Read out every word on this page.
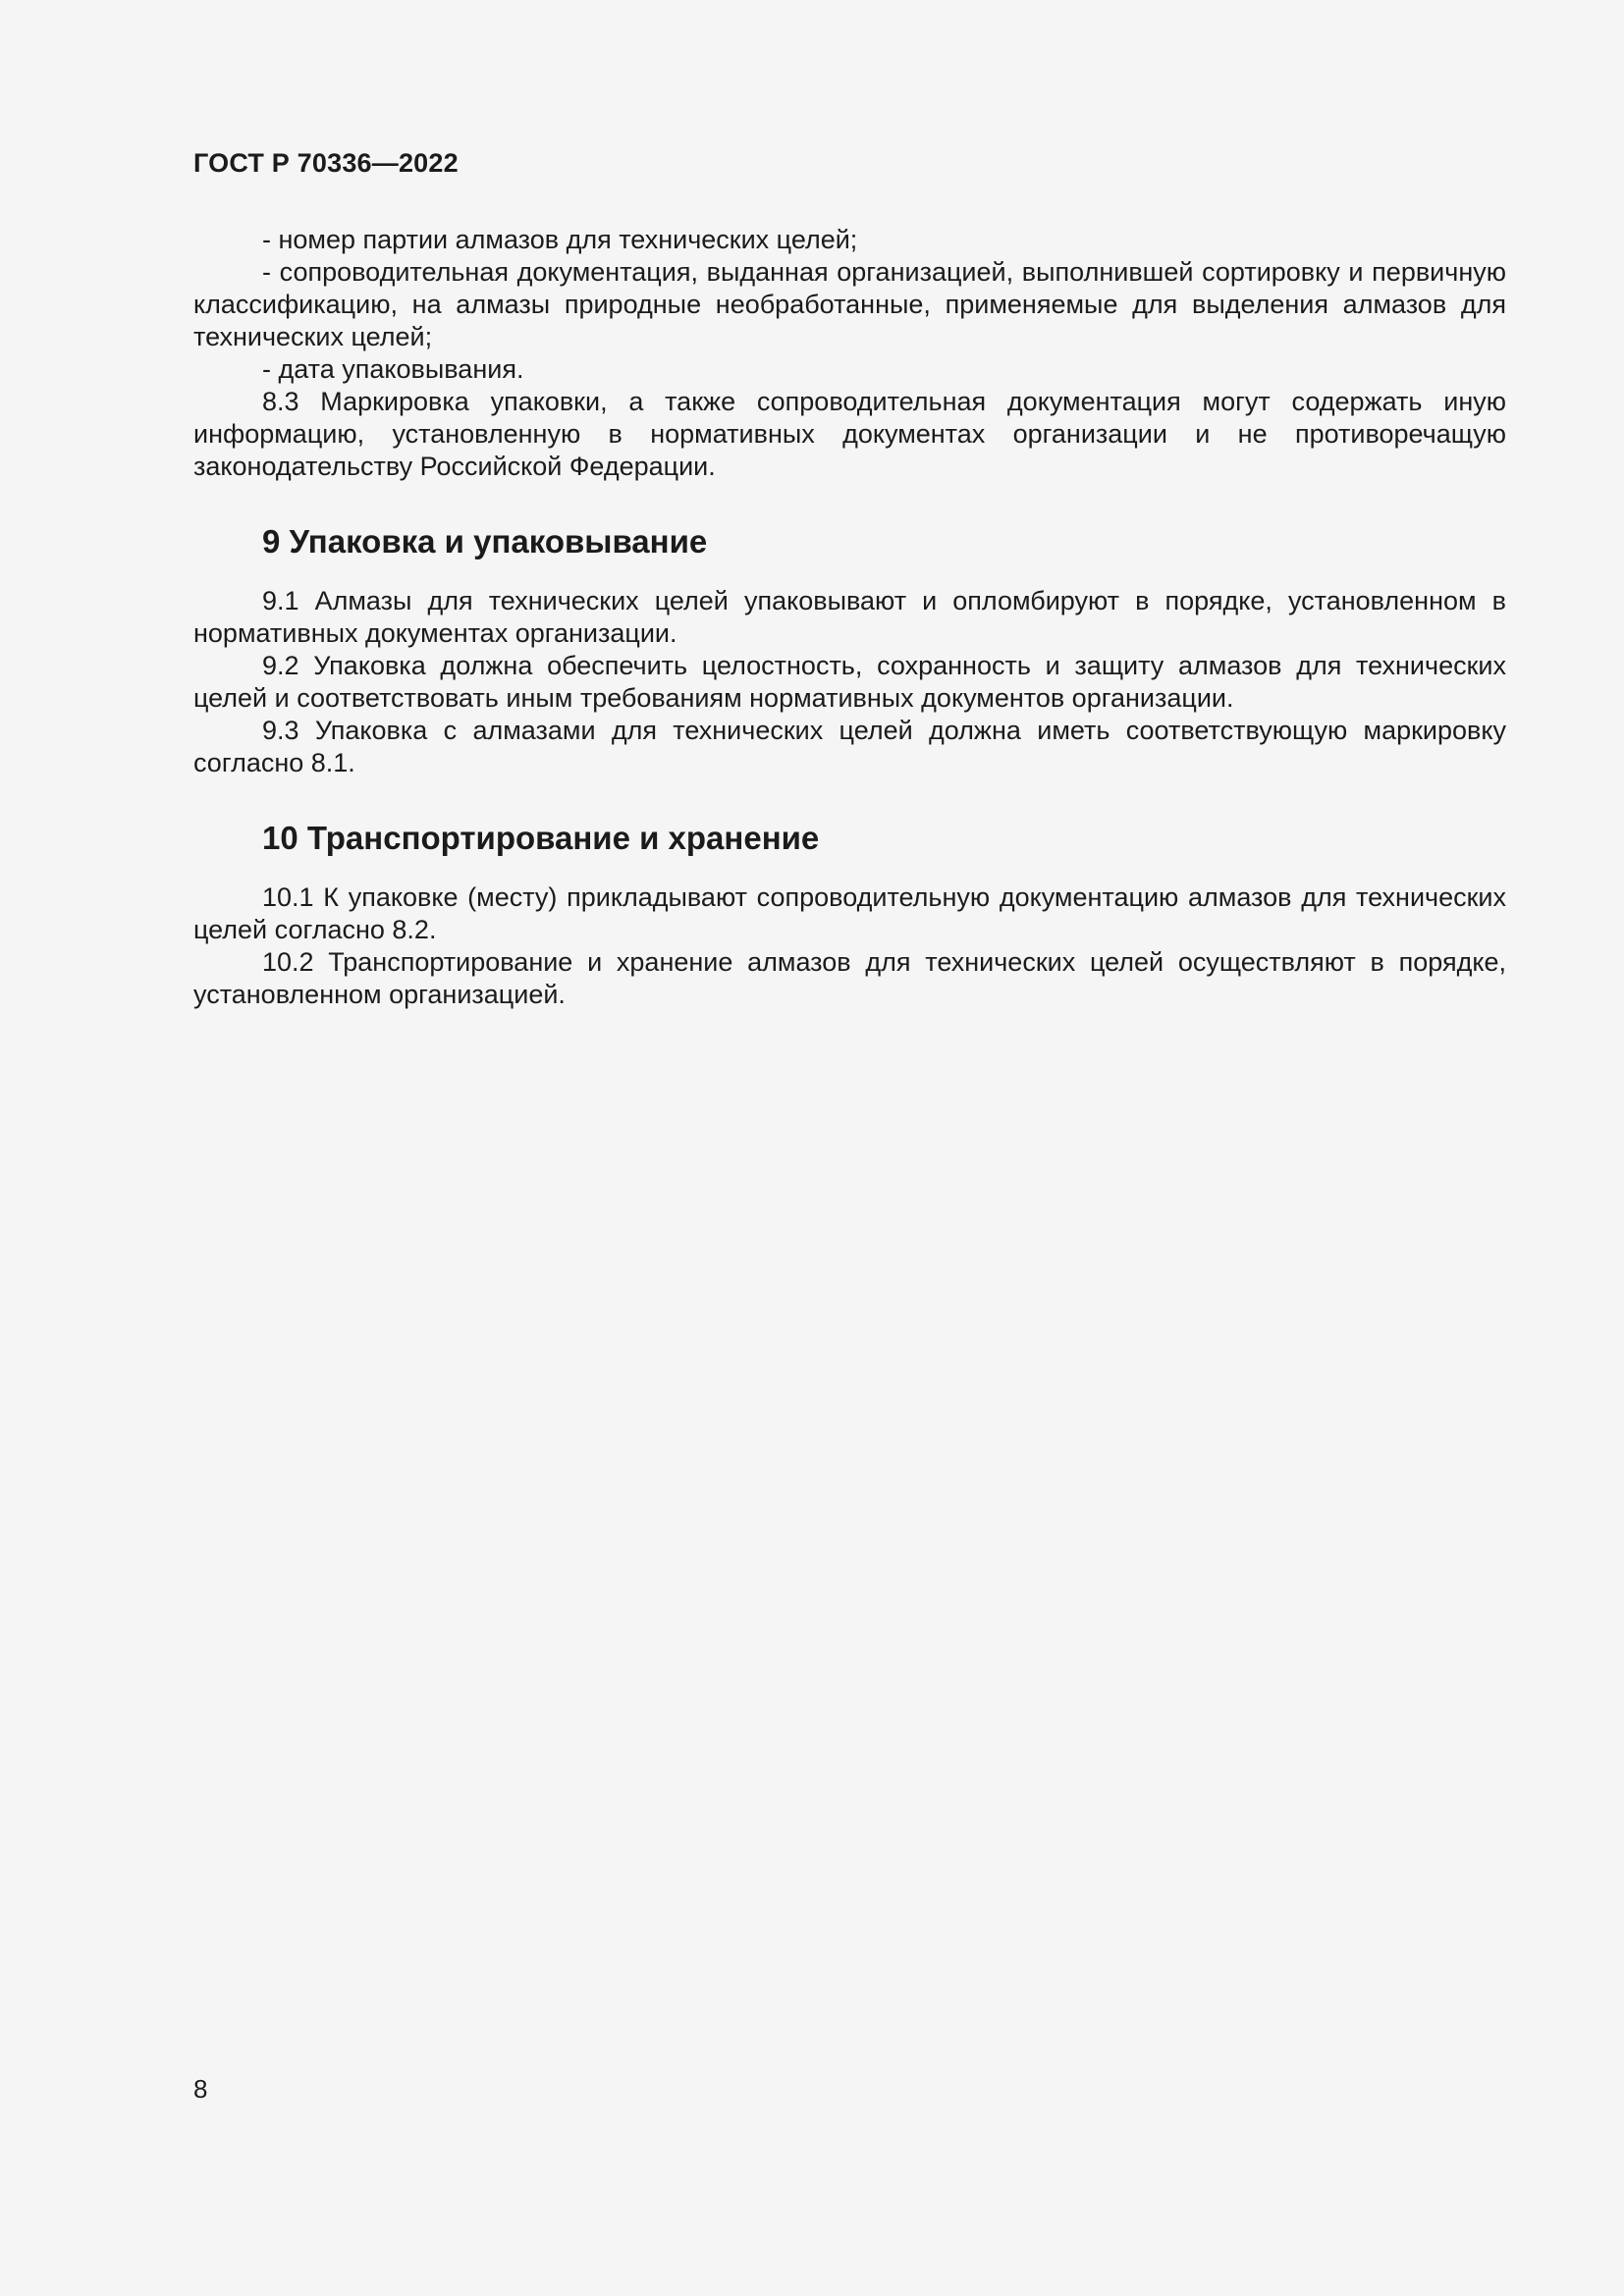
ГОСТ Р 70336—2022

- номер партии алмазов для технических целей;

- сопроводительная документация, выданная организацией, выполнившей сортировку и первичную классификацию, на алмазы природные необработанные, применяемые для выделения алмазов для технических целей;

- дата упаковывания.

8.3 Маркировка упаковки, а также сопроводительная документация могут содержать иную информацию, установленную в нормативных документах организации и не противоречащую законодательству Российской Федерации.

9 Упаковка и упаковывание

9.1 Алмазы для технических целей упаковывают и опломбируют в порядке, установленном в нормативных документах организации.

9.2 Упаковка должна обеспечить целостность, сохранность и защиту алмазов для технических целей и соответствовать иным требованиям нормативных документов организации.

9.3 Упаковка с алмазами для технических целей должна иметь соответствующую маркировку согласно 8.1.

10 Транспортирование и хранение

10.1 К упаковке (месту) прикладывают сопроводительную документацию алмазов для технических целей согласно 8.2.

10.2 Транспортирование и хранение алмазов для технических целей осуществляют в порядке, установленном организацией.

8
